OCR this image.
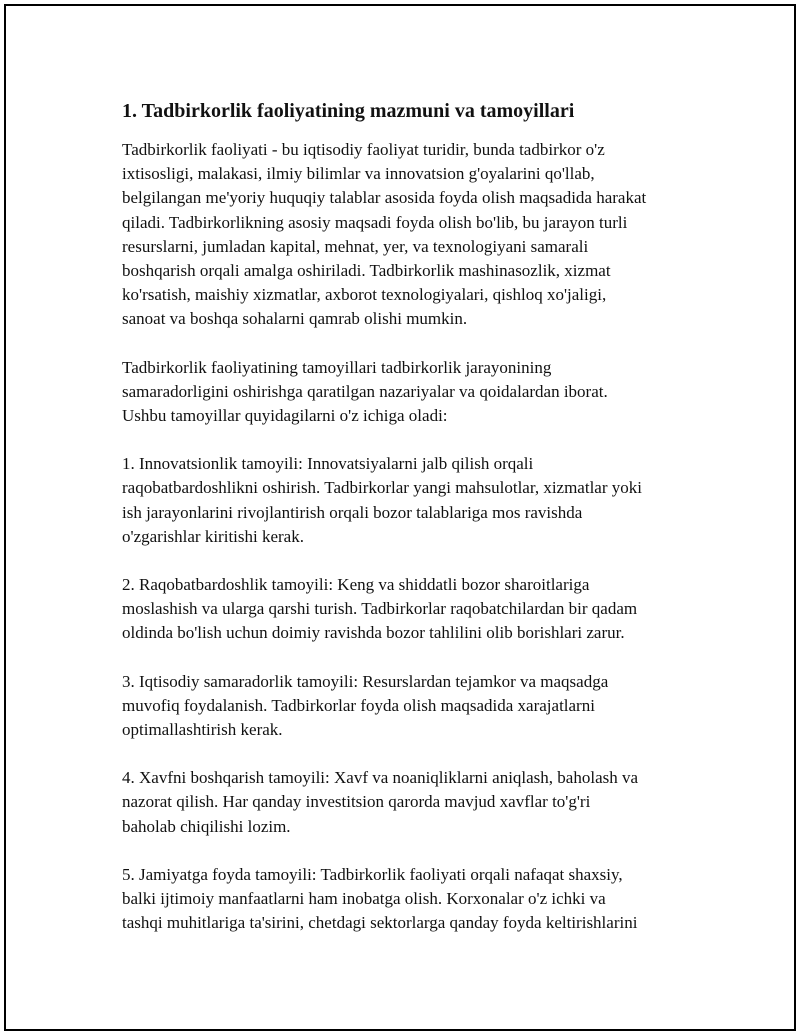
1. Tadbirkorlik faoliyatining mazmuni va tamoyillari
Tadbirkorlik faoliyati - bu iqtisodiy faoliyat turidir, bunda tadbirkor o'z
ixtisosligi, malakasi, ilmiy bilimlar va innovatsion g'oyalarini qo'llab,
belgilangan me'yoriy huquqiy talablar asosida foyda olish maqsadida harakat
qiladi. Tadbirkorlikning asosiy maqsadi foyda olish bo'lib, bu jarayon turli
resurslarni, jumladan kapital, mehnat, yer, va texnologiyani samarali
boshqarish orqali amalga oshiriladi. Tadbirkorlik mashinasozlik, xizmat
ko'rsatish, maishiy xizmatlar, axborot texnologiyalari, qishloq xo'jaligi,
sanoat va boshqa sohalarni qamrab olishi mumkin.
Tadbirkorlik faoliyatining tamoyillari tadbirkorlik jarayonining
samaradorligini oshirishga qaratilgan nazariyalar va qoidalardan iborat.
Ushbu tamoyillar quyidagilarni o'z ichiga oladi:
1. Innovatsionlik tamoyili: Innovatsiyalarni jalb qilish orqali
raqobatbardoshlikni oshirish. Tadbirkorlar yangi mahsulotlar, xizmatlar yoki
ish jarayonlarini rivojlantirish orqali bozor talablariga mos ravishda
o'zgarishlar kiritishi kerak.
2. Raqobatbardoshlik tamoyili: Keng va shiddatli bozor sharoitlariga
moslashish va ularga qarshi turish. Tadbirkorlar raqobatchilardan bir qadam
oldinda bo'lish uchun doimiy ravishda bozor tahlilini olib borishlari zarur.
3. Iqtisodiy samaradorlik tamoyili: Resurslardan tejamkor va maqsadga
muvofiq foydalanish. Tadbirkorlar foyda olish maqsadida xarajatlarni
optimallashtirish kerak.
4. Xavfni boshqarish tamoyili: Xavf va noaniqliklarni aniqlash, baholash va
nazorat qilish. Har qanday investitsion qarorda mavjud xavflar to'g'ri
baholab chiqilishi lozim.
5. Jamiyatga foyda tamoyili: Tadbirkorlik faoliyati orqali nafaqat shaxsiy,
balki ijtimoiy manfaatlarni ham inobatga olish. Korxonalar o'z ichki va
tashqi muhitlariga ta'sirini, chetdagi sektorlarga qanday foyda keltirishlarini
